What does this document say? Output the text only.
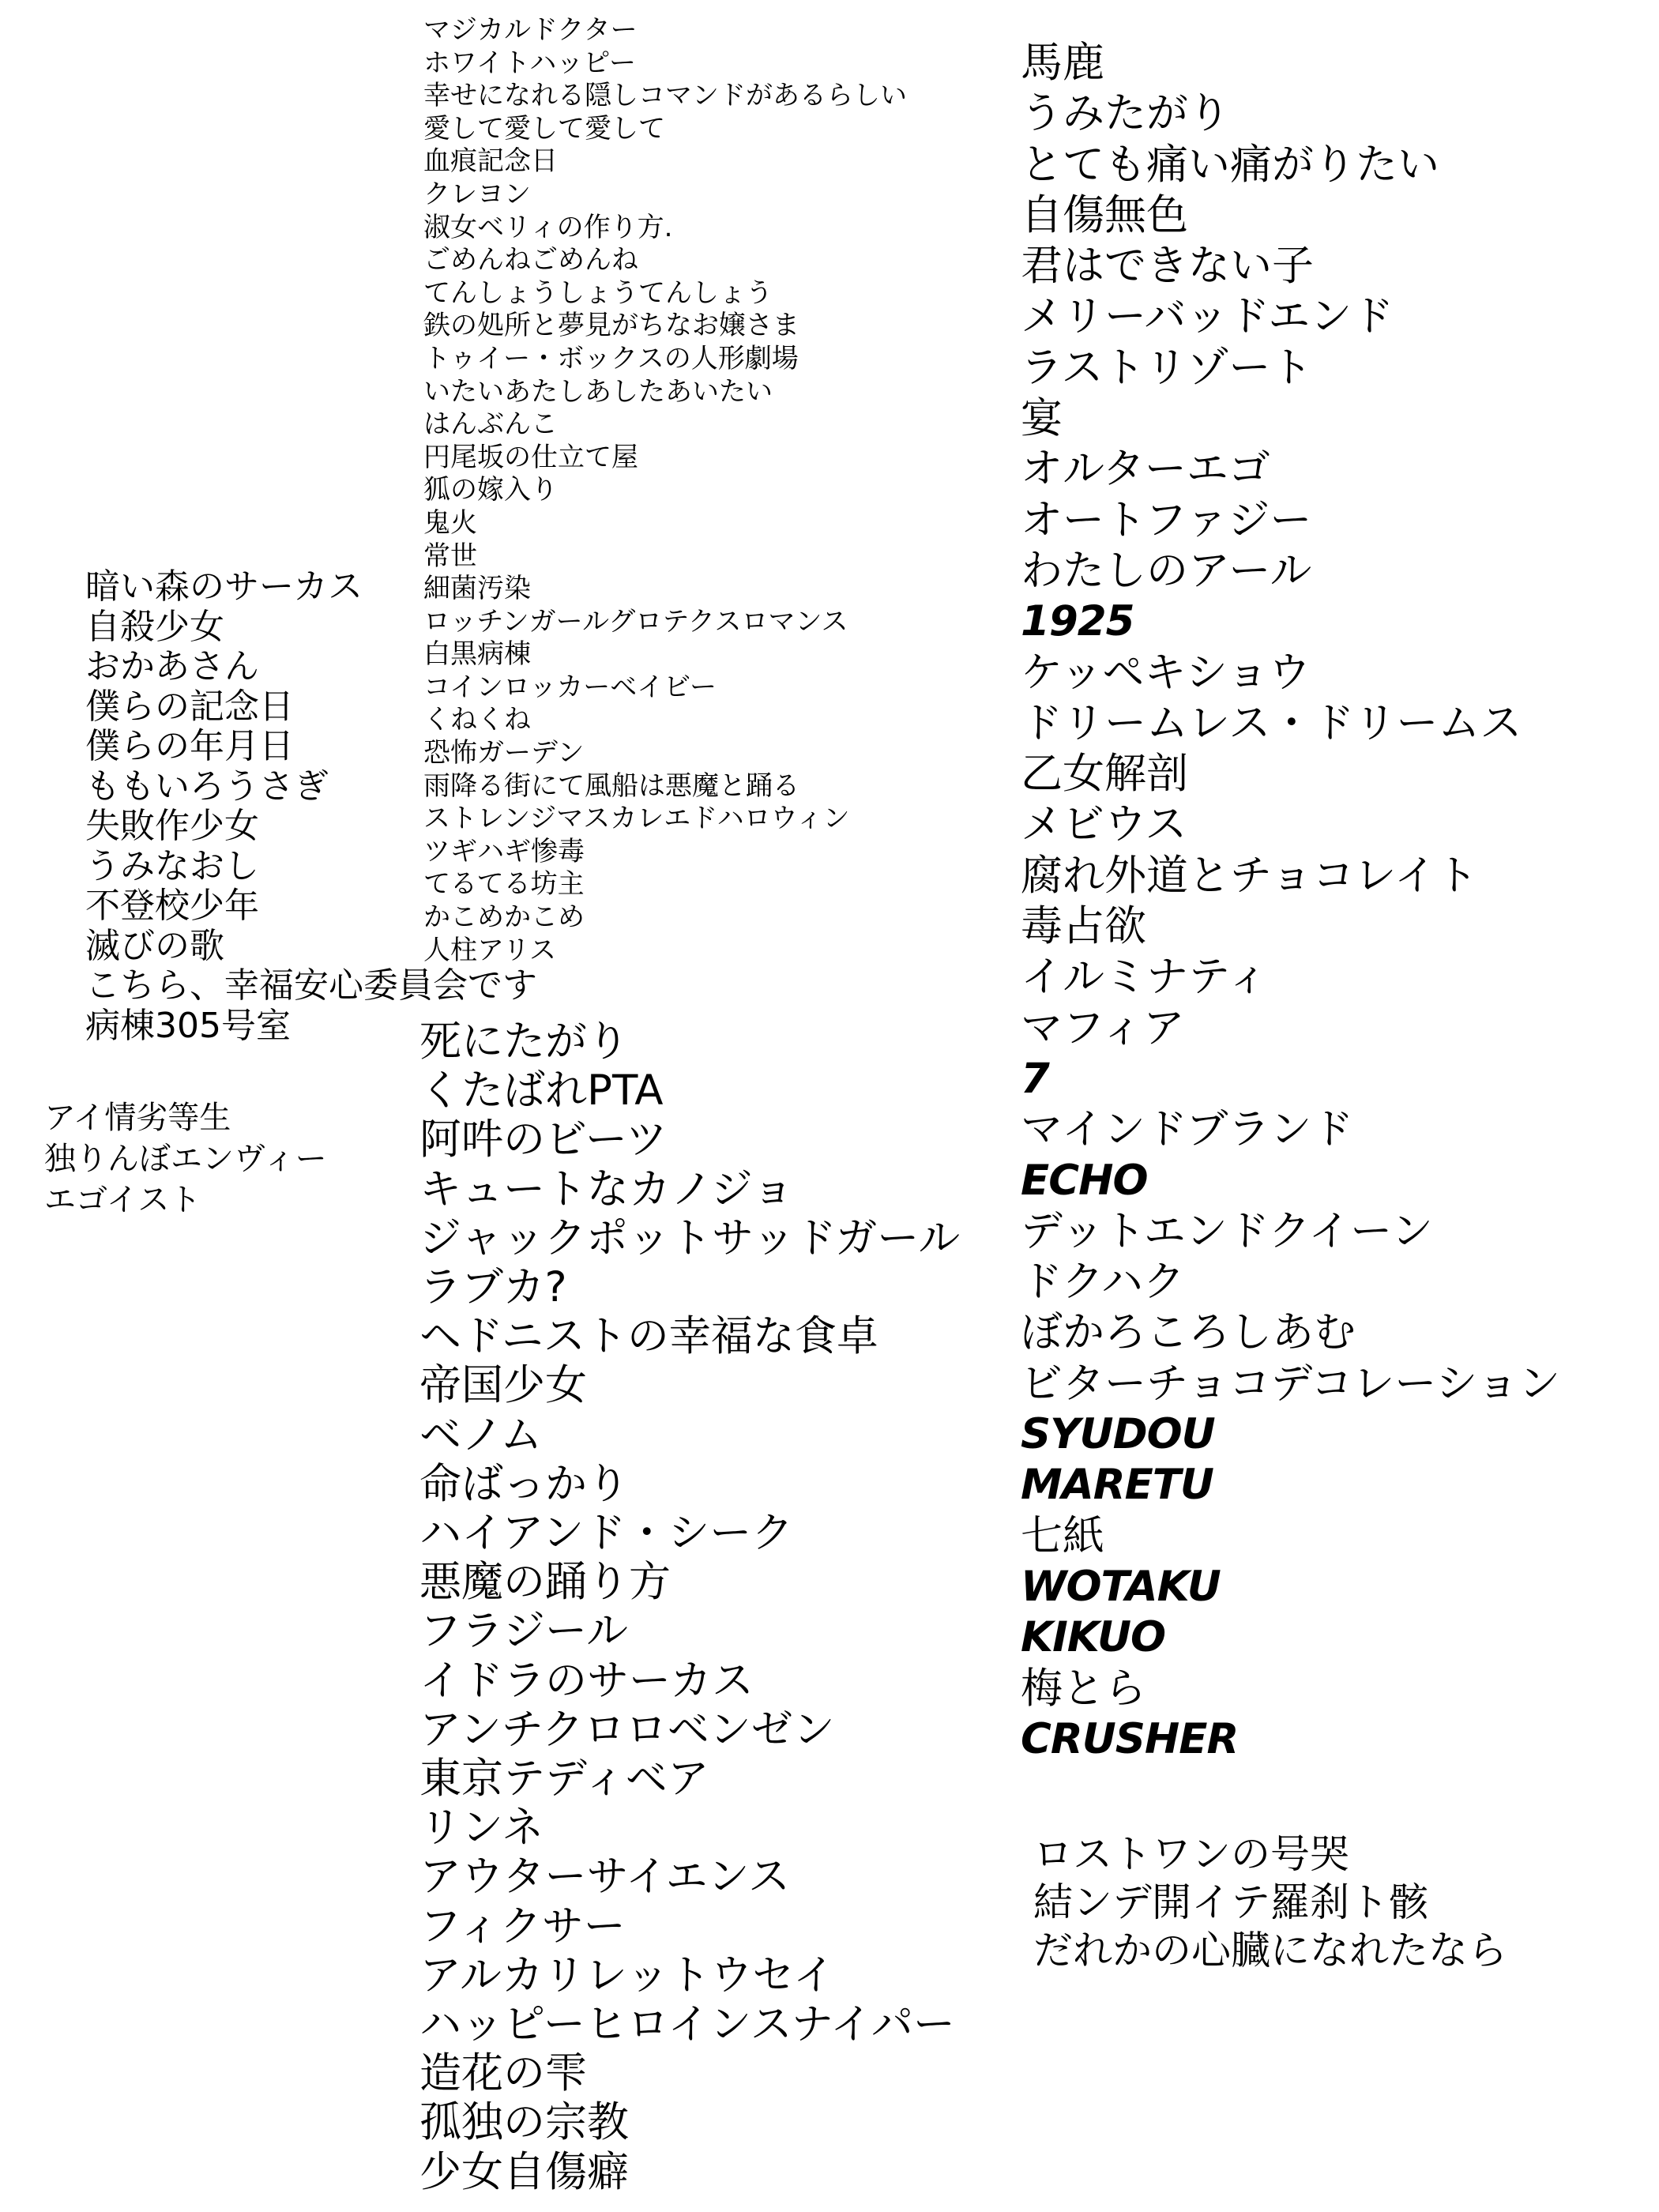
暗い森のサーカス
自殺少女
おかあさん
僕らの記念日
僕らの年月日
ももいろうさぎ
失敗作少女
うみなおし
不登校少年
滅びの歌
こちら、幸福安心委員会です
病棟305号室
アイ情劣等生
独りんぼエンヴィー
エゴイスト
マジカルドクター
ホワイトハッピー
幸せになれる隠しコマンドがあるらしい
愛して愛して愛して
血痕記念日
クレヨン
淑女ベリィの作り方.
ごめんねごめんね
てんしょうしょうてんしょう
鉄の処所と夢見がちなお嬢さま
トゥイー・ボックスの人形劇場
いたいあたしあしたあいたい
はんぶんこ
円尾坂の仕立て屋
狐の嫁入り
鬼火
常世
細菌汚染
ロッチンガールグロテクスロマンス
白黒病棟
コインロッカーベイビー
くねくね
恐怖ガーデン
雨降る街にて風船は悪魔と踊る
ストレンジマスカレエドハロウィン
ツギハギ惨毒
てるてる坊主
かこめかこめ
人柱アリス
死にたがり
くたばれPTA
阿吽のビーツ
キュートなカノジョ
ジャックポットサッドガール
ラブカ?
ヘドニストの幸福な食卓
帝国少女
ベノム
命ばっかり
ハイアンド・シーク
悪魔の踊り方
フラジール
イドラのサーカス
アンチクロロベンゼン
東京テディベア
リンネ
アウターサイエンス
フィクサー
アルカリレットウセイ
ハッピーヒロインスナイパー
造花の雫
孤独の宗教
少女自傷癖
馬鹿
うみたがり
とても痛い痛がりたい
自傷無色
君はできない子
メリーバッドエンド
ラストリゾート
宴
オルターエゴ
オートファジー
わたしのアール
1925
ケッペキショウ
ドリームレス・ドリームス
乙女解剖
メビウス
腐れ外道とチョコレイト
毒占欲
イルミナティ
マフィア
7
マインドブランド
ECHO
デットエンドクイーン
ドクハク
ぼかろころしあむ
ビターチョコデコレーション
SYUDOU
MARETU
七紙
WOTAKU
KIKUO
梅とら
CRUSHER
ロストワンの号哭
結ンデ開イテ羅刹ト骸
だれかの心臓になれたなら
